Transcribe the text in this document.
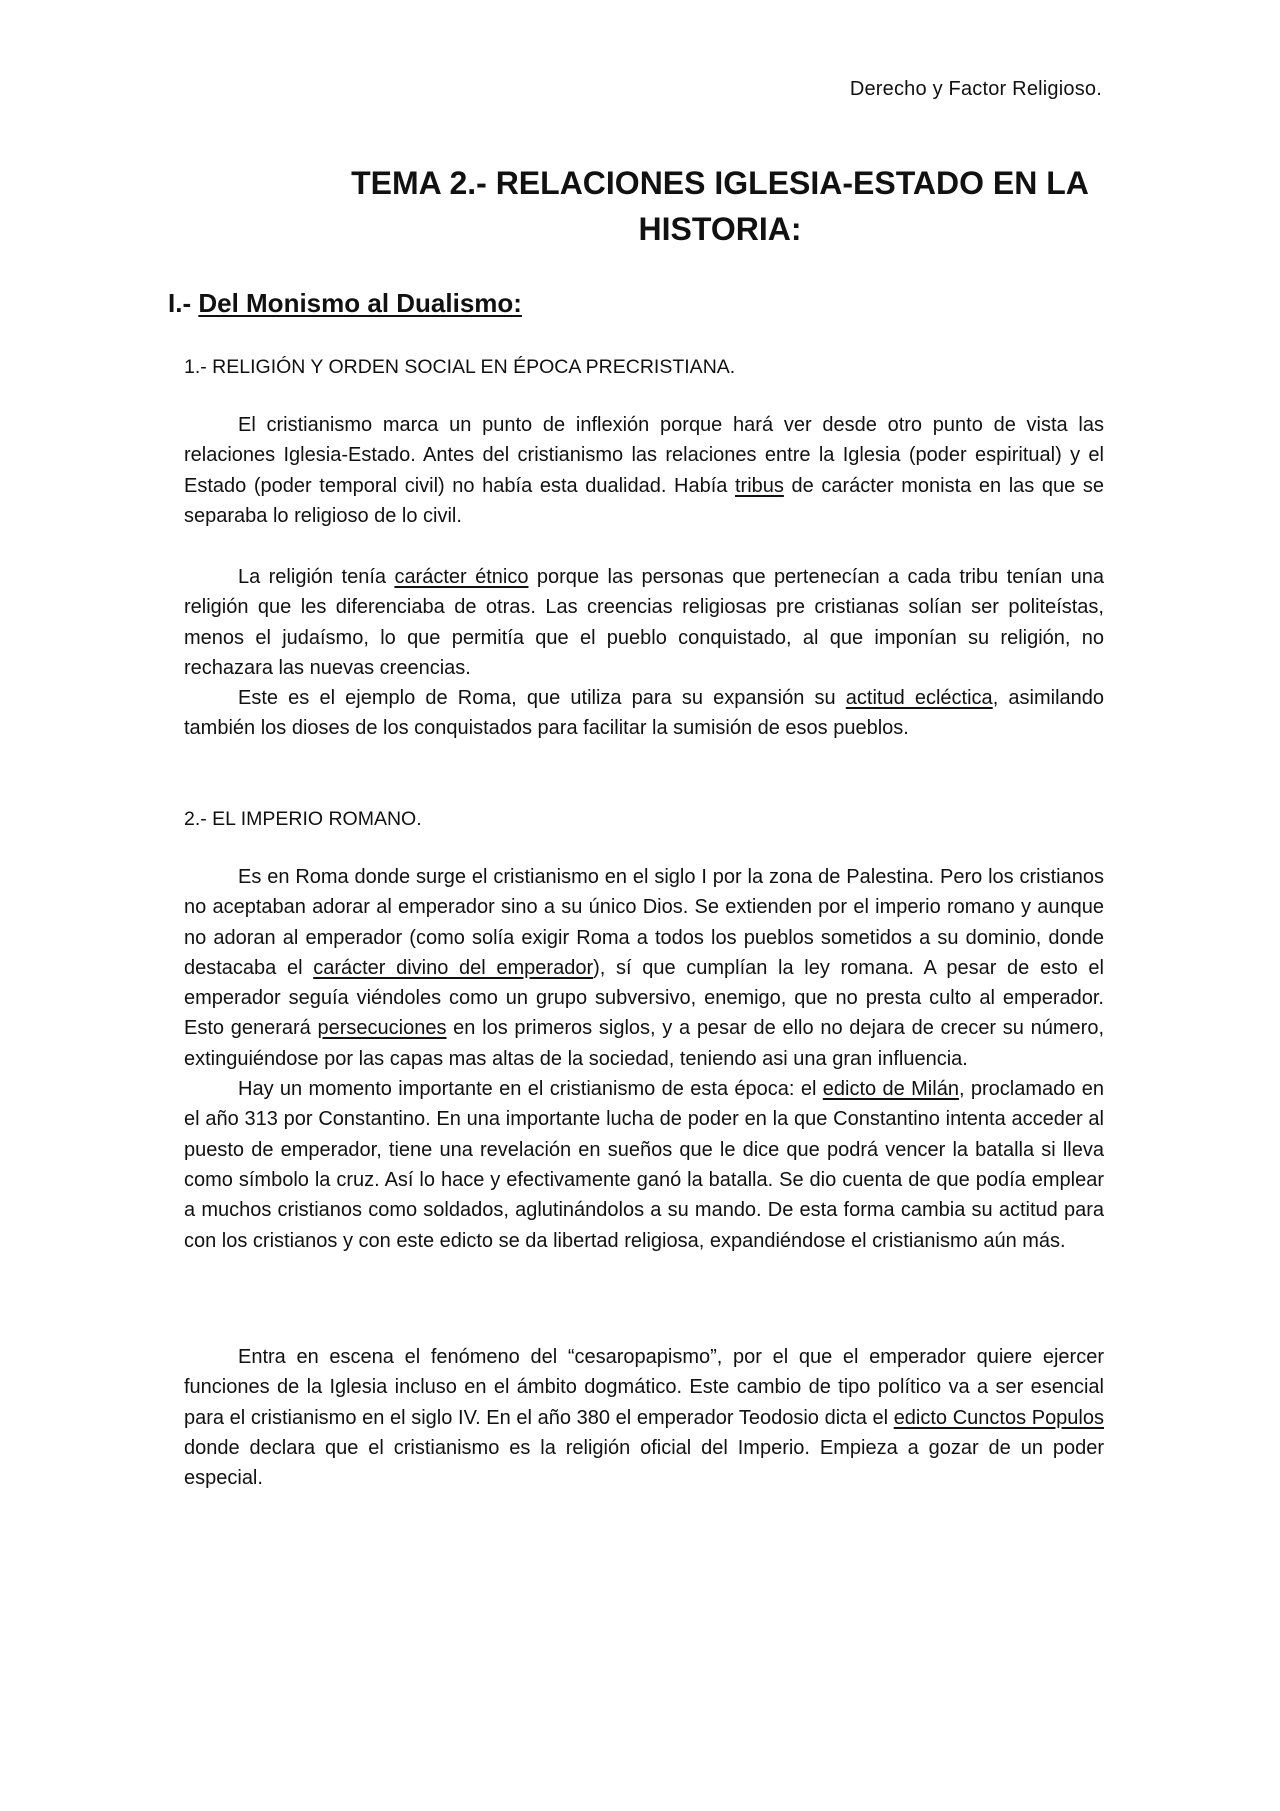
Derecho y Factor Religioso.
TEMA 2.- RELACIONES IGLESIA-ESTADO EN LA
HISTORIA:
I.- Del Monismo al Dualismo:
1.- RELIGIÓN Y ORDEN SOCIAL EN ÉPOCA PRECRISTIANA.

El cristianismo marca un punto de inflexión porque hará ver desde otro punto de vista las relaciones Iglesia-Estado. Antes del cristianismo las relaciones entre la Iglesia (poder espiritual) y el Estado (poder temporal civil) no había esta dualidad. Había tribus de carácter monista en las que se separaba lo religioso de lo civil.

La religión tenía carácter étnico porque las personas que pertenecían a cada tribu tenían una religión que les diferenciaba de otras. Las creencias religiosas pre cristianas solían ser politeístas, menos el judaísmo, lo que permitía que el pueblo conquistado, al que imponían su religión, no rechazara las nuevas creencias.

Este es el ejemplo de Roma, que utiliza para su expansión su actitud ecléctica, asimilando también los dioses de los conquistados para facilitar la sumisión de esos pueblos.

2.- EL IMPERIO ROMANO.

Es en Roma donde surge el cristianismo en el siglo I por la zona de Palestina. Pero los cristianos no aceptaban adorar al emperador sino a su único Dios. Se extienden por el imperio romano y aunque no adoran al emperador (como solía exigir Roma a todos los pueblos sometidos a su dominio, donde destacaba el carácter divino del emperador), sí que cumplían la ley romana. A pesar de esto el emperador seguía viéndoles como un grupo subversivo, enemigo, que no presta culto al emperador. Esto generará persecuciones en los primeros siglos, y a pesar de ello no dejara de crecer su número, extinguiéndose por las capas mas altas de la sociedad, teniendo asi una gran influencia.

Hay un momento importante en el cristianismo de esta época: el edicto de Milán, proclamado en el año 313 por Constantino. En una importante lucha de poder en la que Constantino intenta acceder al puesto de emperador, tiene una revelación en sueños que le dice que podrá vencer la batalla si lleva como símbolo la cruz. Así lo hace y efectivamente ganó la batalla. Se dio cuenta de que podía emplear a muchos cristianos como soldados, aglutinándolos a su mando. De esta forma cambia su actitud para con los cristianos y con este edicto se da libertad religiosa, expandiéndose el cristianismo aún más.

Entra en escena el fenómeno del “cesaropapismo”, por el que el emperador quiere ejercer funciones de la Iglesia incluso en el ámbito dogmático. Este cambio de tipo político va a ser esencial para el cristianismo en el siglo IV. En el año 380 el emperador Teodosio dicta el edicto Cunctos Populos donde declara que el cristianismo es la religión oficial del Imperio. Empieza a gozar de un poder especial.
